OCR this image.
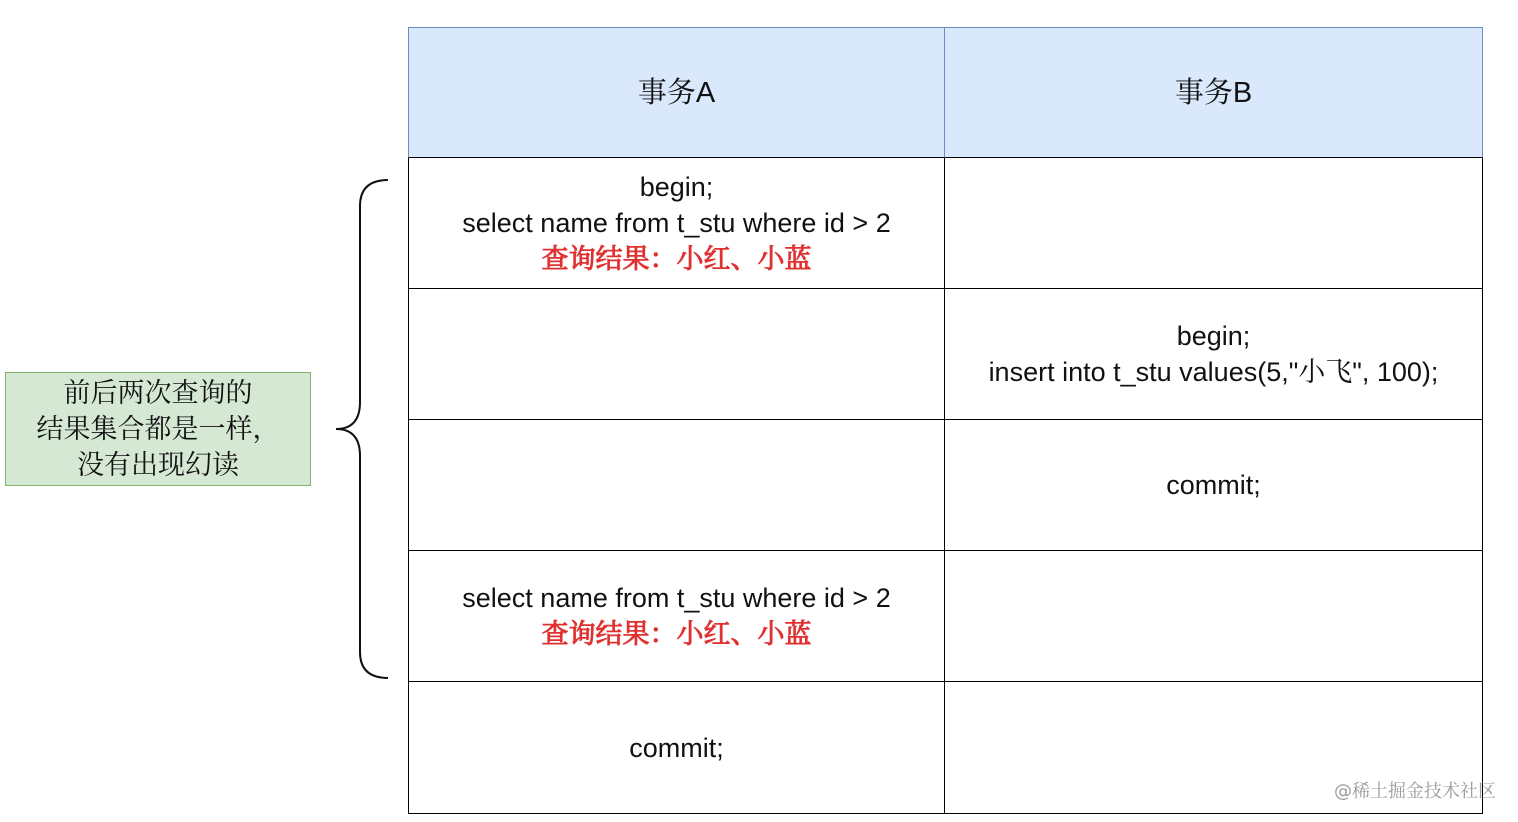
前后两次查询的
结果集合都是一样，
没有出现幻读
事务A	事务B
begin;
select name from t_stu where id > 2
查询结果：小红、小蓝
begin;
insert into t_stu values(5,"小飞", 100);
commit;
select name from t_stu where id > 2
查询结果：小红、小蓝
commit;
@稀土掘金技术社区
